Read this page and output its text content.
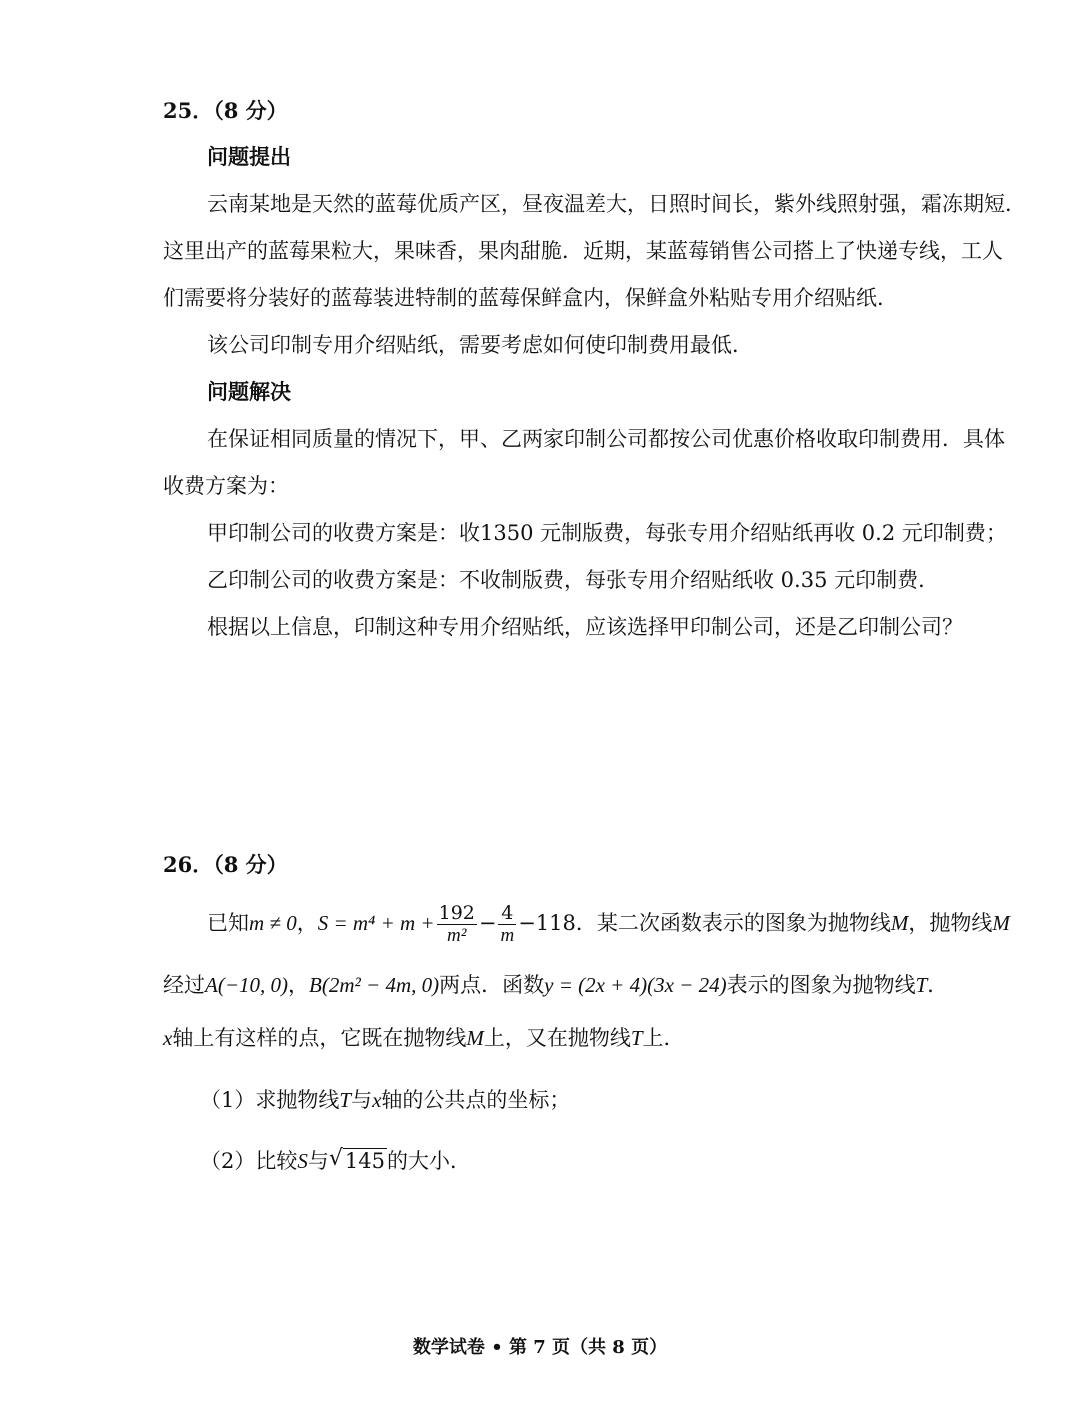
25．（8 分）
问题提出
云南某地是天然的蓝莓优质产区，昼夜温差大，日照时间长，紫外线照射强，霜冻期短．
这里出产的蓝莓果粒大，果味香，果肉甜脆．近期，某蓝莓销售公司搭上了快递专线，工人
们需要将分装好的蓝莓装进特制的蓝莓保鲜盒内，保鲜盒外粘贴专用介绍贴纸．
该公司印制专用介绍贴纸，需要考虑如何使印制费用最低．
问题解决
在保证相同质量的情况下，甲、乙两家印制公司都按公司优惠价格收取印制费用．具体
收费方案为：
甲印制公司的收费方案是：收1350 元制版费，每张专用介绍贴纸再收 0.2 元印制费；
乙印制公司的收费方案是：不收制版费，每张专用介绍贴纸收 0.35 元印制费．
根据以上信息，印制这种专用介绍贴纸，应该选择甲印制公司，还是乙印制公司？
26．（8 分）
已知m ≠ 0，$S = m^4 + m + \frac{192}{\text{m²}} - \frac{4}{m} -118$．某二次函数表示的图象为抛物线M，抛物线M
经过A(−10, 0)，B(2m² − 4m, 0)两点．函数y = (2x + 4)(3x − 24)表示的图象为抛物线T．
x轴上有这样的点，它既在抛物线M上，又在抛物线T上．
（1）求抛物线T与x轴的公共点的坐标；
（2）比较S与√ 145的大小．
数学试卷 • 第 7 页（共 8 页）
